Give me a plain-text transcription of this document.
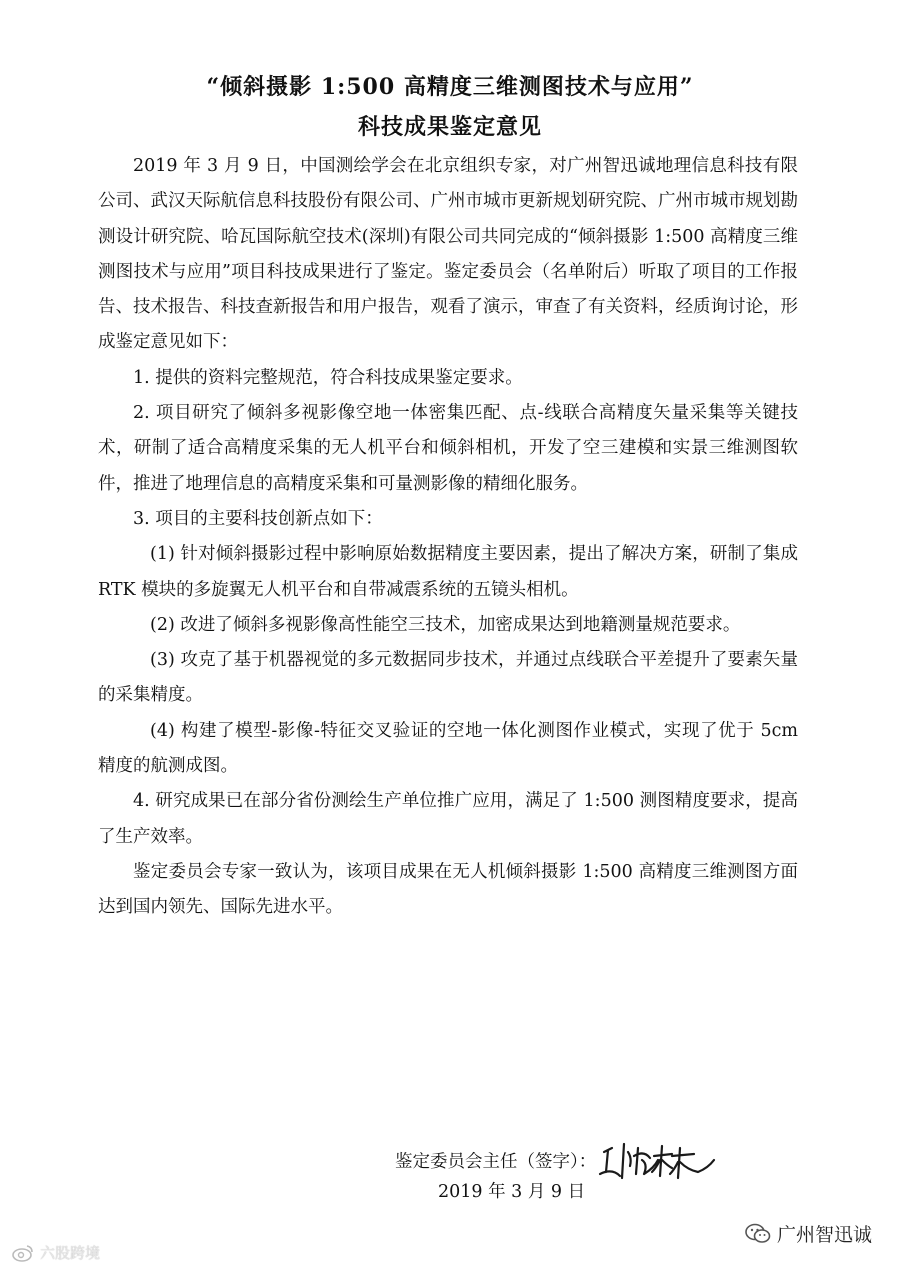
“倾斜摄影 1:500 高精度三维测图技术与应用”
科技成果鉴定意见

2019 年 3 月 9 日，中国测绘学会在北京组织专家，对广州智迅诚地理信息科技有限公司、武汉天际航信息科技股份有限公司、广州市城市更新规划研究院、广州市城市规划勘测设计研究院、哈瓦国际航空技术(深圳)有限公司共同完成的“倾斜摄影 1:500 高精度三维测图技术与应用”项目科技成果进行了鉴定。鉴定委员会（名单附后）听取了项目的工作报告、技术报告、科技查新报告和用户报告，观看了演示，审查了有关资料，经质询讨论，形成鉴定意见如下：

1. 提供的资料完整规范，符合科技成果鉴定要求。

2. 项目研究了倾斜多视影像空地一体密集匹配、点-线联合高精度矢量采集等关键技术，研制了适合高精度采集的无人机平台和倾斜相机，开发了空三建模和实景三维测图软件，推进了地理信息的高精度采集和可量测影像的精细化服务。

3. 项目的主要科技创新点如下：

(1) 针对倾斜摄影过程中影响原始数据精度主要因素，提出了解决方案，研制了集成 RTK 模块的多旋翼无人机平台和自带减震系统的五镜头相机。

(2) 改进了倾斜多视影像高性能空三技术，加密成果达到地籍测量规范要求。

(3) 攻克了基于机器视觉的多元数据同步技术，并通过点线联合平差提升了要素矢量的采集精度。

(4) 构建了模型-影像-特征交叉验证的空地一体化测图作业模式，实现了优于 5cm 精度的航测成图。

4. 研究成果已在部分省份测绘生产单位推广应用，满足了 1:500 测图精度要求，提高了生产效率。

鉴定委员会专家一致认为，该项目成果在无人机倾斜摄影 1:500 高精度三维测图方面达到国内领先、国际先进水平。

鉴定委员会主任（签字）：
2019 年 3 月 9 日
广州智迅诚
六股跨境
